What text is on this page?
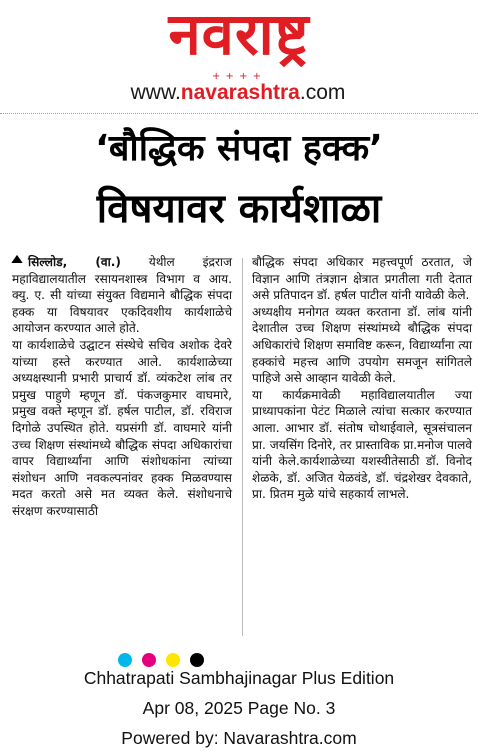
नवराष्ट्र
+ + + +
www.navarashtra.com
‘बौद्धिक संपदा हक्क’
विषयावर कार्यशाळा

सिल्लोड, (वा.) येथील इंद्रराज महाविद्यालयातील रसायनशास्त्र विभाग व आय. क्यु. ए. सी यांच्या संयुक्त विद्यमाने बौद्धिक संपदा हक्क या विषयावर एकदिवशीय कार्यशाळेचे आयोजन करण्यात आले होते.

या कार्यशाळेचे उद्घाटन संस्थेचे सचिव अशोक देवरे यांच्या हस्ते करण्यात आले. कार्यशाळेच्या अध्यक्षस्थानी प्रभारी प्राचार्य डॉ. व्यंकटेश लांब तर प्रमुख पाहुणे म्हणून डॉ. पंकजकुमार वाघमारे, प्रमुख वक्ते म्हणून डॉ. हर्षल पाटील, डॉ. रविराज दिगोळे उपस्थित होते. यप्रसंगी डॉ. वाघमारे यांनी उच्च शिक्षण संस्थांमध्ये बौद्धिक संपदा अधिकारांचा वापर विद्यार्थ्यांना आणि संशोधकांना त्यांच्या संशोधन आणि नवकल्पनांवर हक्क मिळवण्यास मदत करतो असे मत व्यक्त केले. संशोधनाचे संरक्षण करण्यासाठी

बौद्धिक संपदा अधिकार महत्त्वपूर्ण ठरतात, जे विज्ञान आणि तंत्रज्ञान क्षेत्रात प्रगतीला गती देतात असे प्रतिपादन डॉ. हर्षल पाटील यांनी यावेळी केले.

अध्यक्षीय मनोगत व्यक्त करताना डॉ. लांब यांनी देशातील उच्च शिक्षण संस्थांमध्ये बौद्धिक संपदा अधिकारांचे शिक्षण समाविष्ट करून, विद्यार्थ्यांना त्या हक्कांचे महत्त्व आणि उपयोग समजून सांगितले पाहिजे असे आव्हान यावेळी केले.

या कार्यक्रमावेळी महाविद्यालयातील ज्या प्राध्यापकांना पेटंट मिळाले त्यांचा सत्कार करण्यात आला. आभार डॉ. संतोष चोथाईवाले, सूत्रसंचालन प्रा. जयसिंग दिनोरे, तर प्रास्ताविक प्रा.मनोज पालवे यांनी केले.कार्यशाळेच्या यशस्वीतेसाठी डॉ. विनोद शेळके, डॉ. अजित येळवंडे, डॉ. चंद्रशेखर देवकाते, प्रा. प्रितम मुळे यांचे सहकार्य लाभले.

Chhatrapati Sambhajinagar Plus Edition
Apr 08, 2025 Page No. 3
Powered by: Navarashtra.com
